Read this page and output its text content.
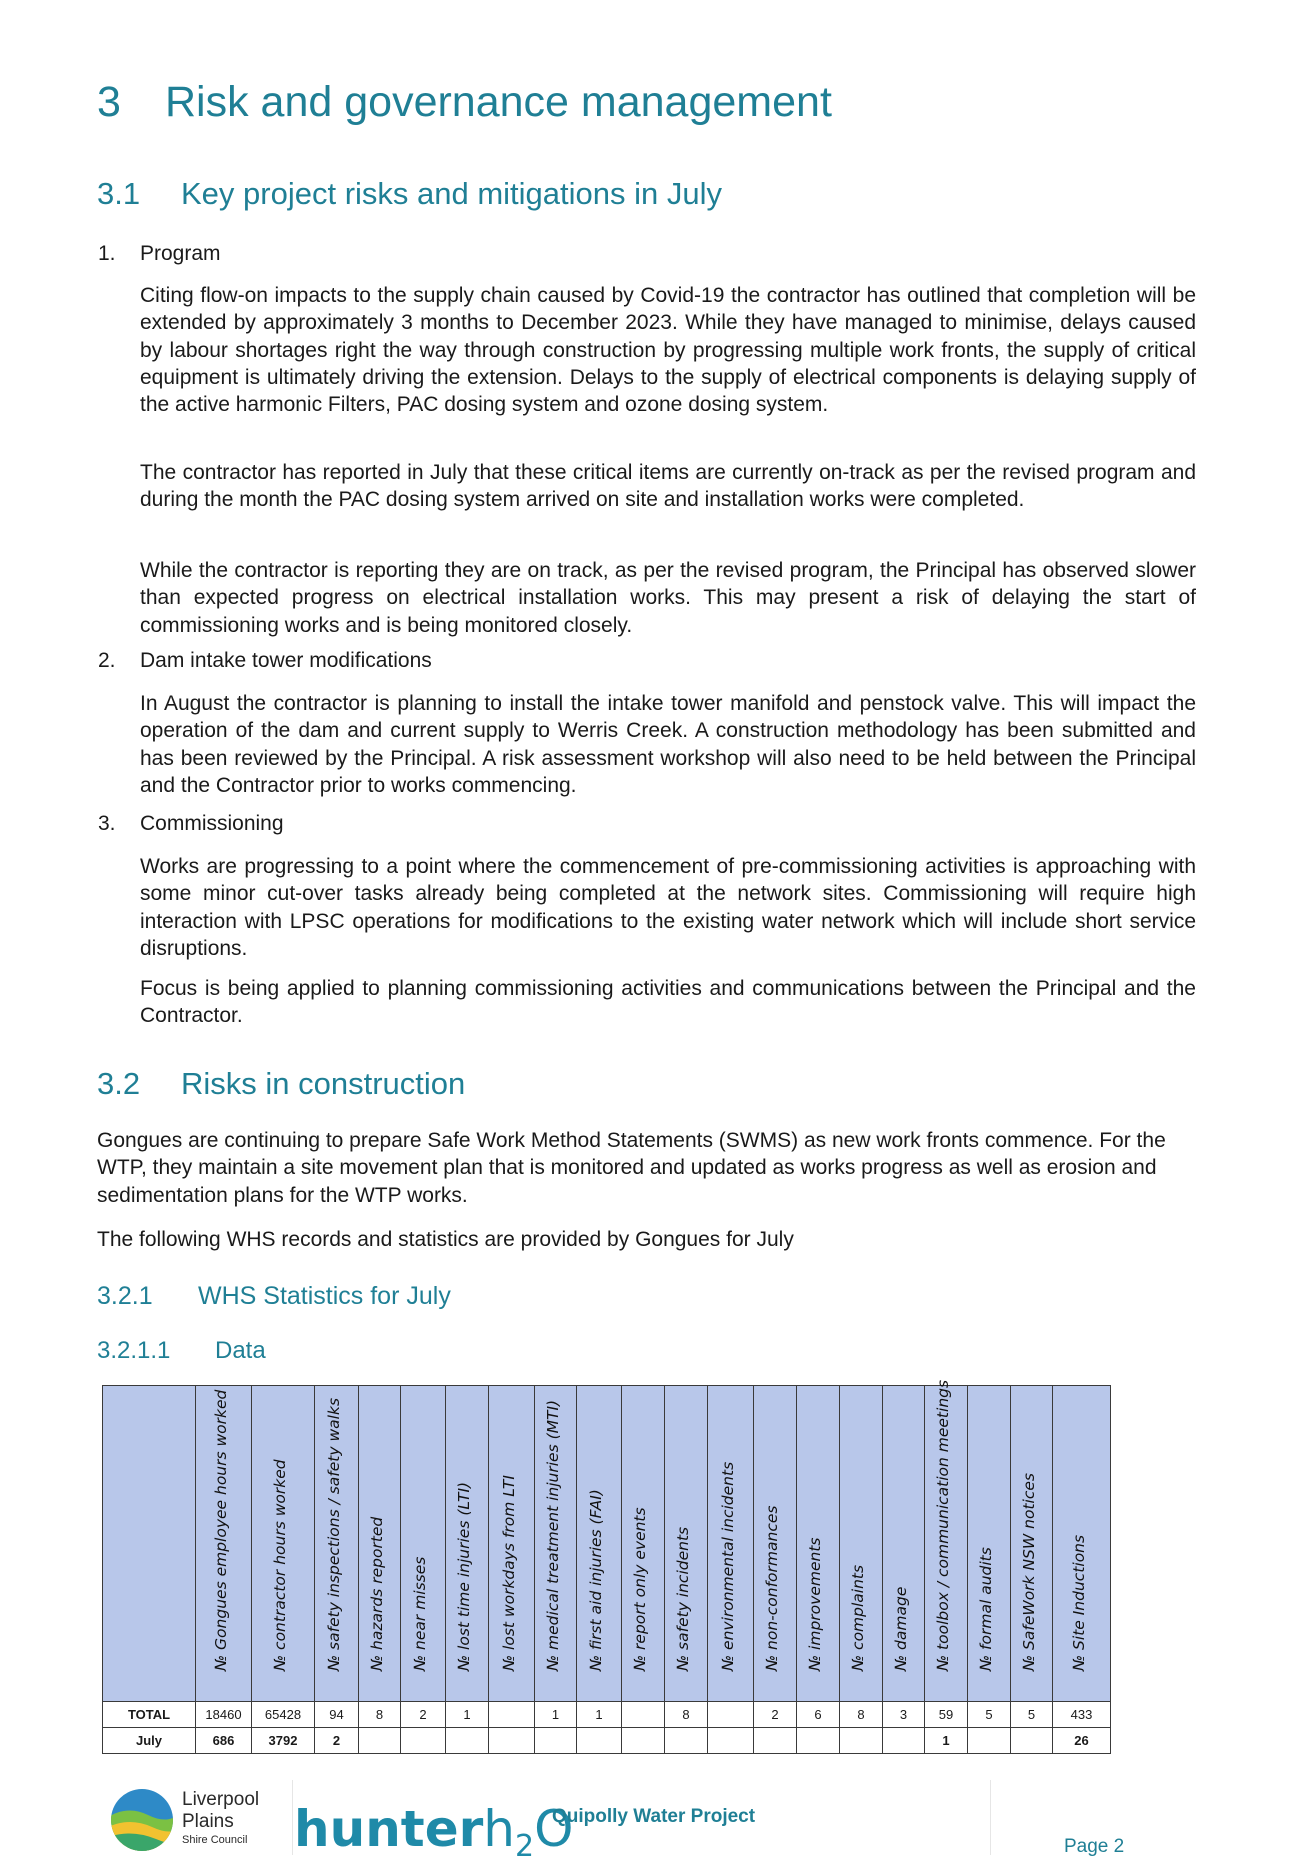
3 Risk and governance management
3.1 Key project risks and mitigations in July
1. Program

Citing flow-on impacts to the supply chain caused by Covid-19 the contractor has outlined that completion will be extended by approximately 3 months to December 2023. While they have managed to minimise, delays caused by labour shortages right the way through construction by progressing multiple work fronts, the supply of critical equipment is ultimately driving the extension. Delays to the supply of electrical components is delaying supply of the active harmonic Filters, PAC dosing system and ozone dosing system.

The contractor has reported in July that these critical items are currently on-track as per the revised program and during the month the PAC dosing system arrived on site and installation works were completed.

While the contractor is reporting they are on track, as per the revised program, the Principal has observed slower than expected progress on electrical installation works. This may present a risk of delaying the start of commissioning works and is being monitored closely.

2. Dam intake tower modifications

In August the contractor is planning to install the intake tower manifold and penstock valve. This will impact the operation of the dam and current supply to Werris Creek. A construction methodology has been submitted and has been reviewed by the Principal. A risk assessment workshop will also need to be held between the Principal and the Contractor prior to works commencing.

3. Commissioning

Works are progressing to a point where the commencement of pre-commissioning activities is approaching with some minor cut-over tasks already being completed at the network sites. Commissioning will require high interaction with LPSC operations for modifications to the existing water network which will include short service disruptions.

Focus is being applied to planning commissioning activities and communications between the Principal and the Contractor.

3.2 Risks in construction

Gongues are continuing to prepare Safe Work Method Statements (SWMS) as new work fronts commence. For the WTP, they maintain a site movement plan that is monitored and updated as works progress as well as erosion and sedimentation plans for the WTP works.

The following WHS records and statistics are provided by Gongues for July

3.2.1 WHS Statistics for July
3.2.1.1 Data

	№ Gongues employee hours worked	№ contractor hours worked	№ safety inspections / safety walks	№ hazards reported	№ near misses	№ lost time injuries (LTI)	№ lost workdays from LTI	№ medical treatment injuries (MTI)	№ first aid injuries (FAI)	№ report only events	№ safety incidents	№ environmental incidents	№ non-conformances	№ improvements	№ complaints	№ damage	№ toolbox / communication meetings	№ formal audits	№ SafeWork NSW notices	№ Site Inductions

TOTAL	18460	65428	94	8	2	1		1	1		8		2	6	8	3	59	5	5	433
July	686	3792	2														1			26
Liverpool
Plains
Shire Council hunterh$_2$O
Quipolly Water Project
Page 2
